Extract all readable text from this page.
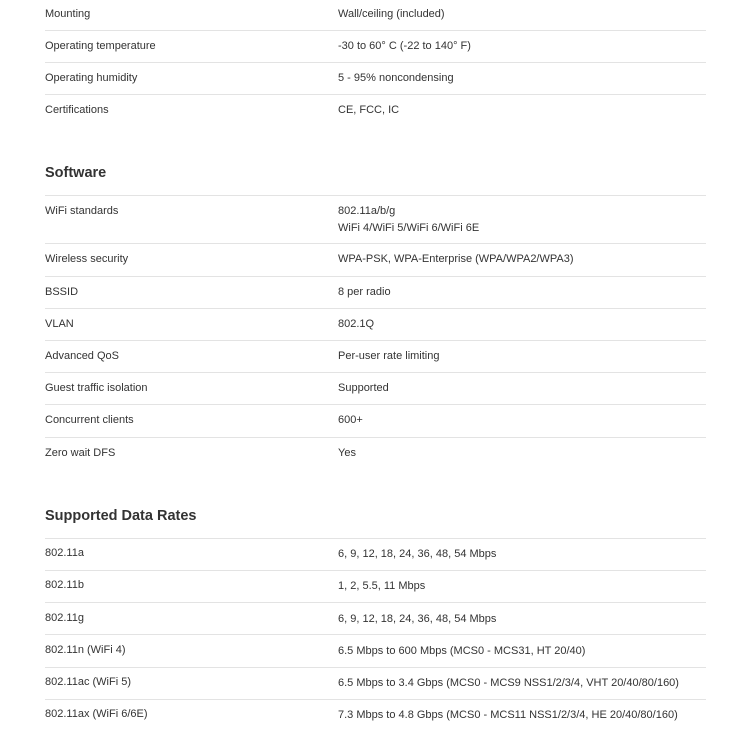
Mounting	Wall/ceiling (included)
Operating temperature	-30 to 60° C (-22 to 140° F)
Operating humidity	5 - 95% noncondensing
Certifications	CE, FCC, IC
Software
WiFi standards	802.11a/b/g
WiFi 4/WiFi 5/WiFi 6/WiFi 6E
Wireless security	WPA-PSK, WPA-Enterprise (WPA/WPA2/WPA3)
BSSID	8 per radio
VLAN	802.1Q
Advanced QoS	Per-user rate limiting
Guest traffic isolation	Supported
Concurrent clients	600+
Zero wait DFS	Yes
Supported Data Rates
802.11a	6, 9, 12, 18, 24, 36, 48, 54 Mbps
802.11b	1, 2, 5.5, 11 Mbps
802.11g	6, 9, 12, 18, 24, 36, 48, 54 Mbps
802.11n (WiFi 4)	6.5 Mbps to 600 Mbps (MCS0 - MCS31, HT 20/40)
802.11ac (WiFi 5)	6.5 Mbps to 3.4 Gbps (MCS0 - MCS9 NSS1/2/3/4, VHT 20/40/80/160)
802.11ax (WiFi 6/6E)	7.3 Mbps to 4.8 Gbps (MCS0 - MCS11 NSS1/2/3/4, HE 20/40/80/160)
